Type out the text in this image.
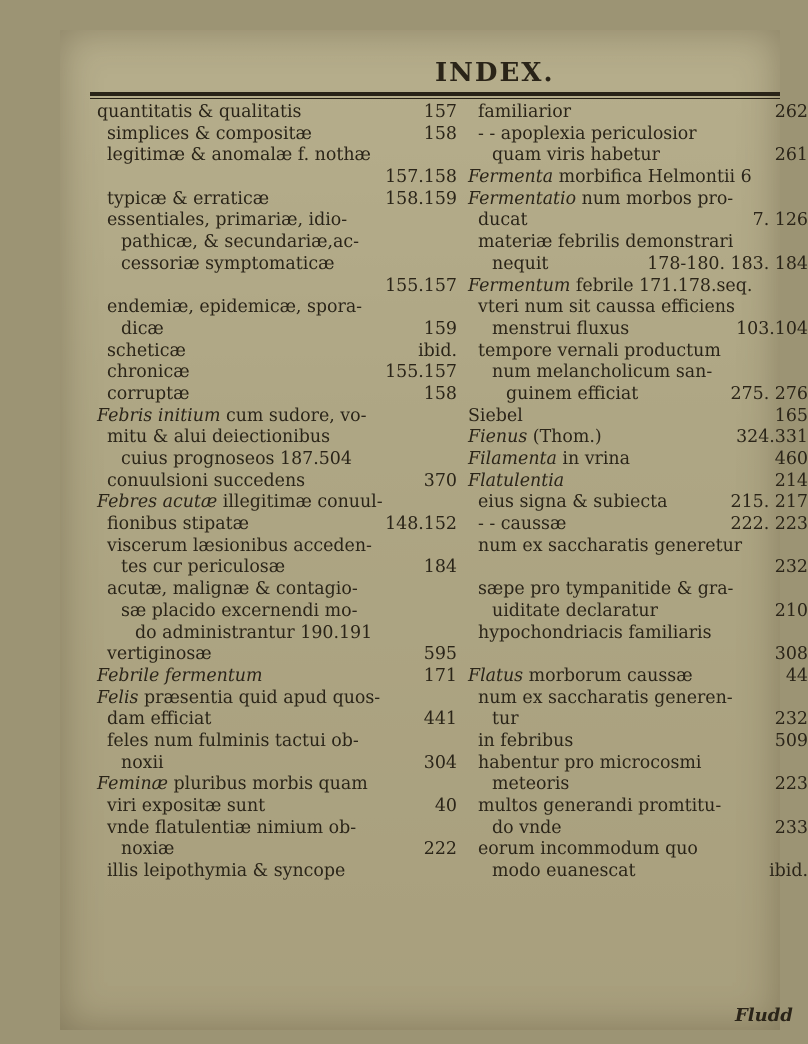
INDEX.
quantitatis & qualitatis	157
simplices & compositæ	158
legitimæ & anomalæ f. nothæ
157.158
typicæ & erraticæ	158.159
essentiales, primariæ, idio-
pathicæ, & secundariæ,ac-
cessoriæ symptomaticæ
155.157
endemiæ, epidemicæ, spora-
dicæ	159
scheticæ	ibid.
chronicæ	155.157
corruptæ	158
Febris initium cum sudore, vo-
mitu & alui deiectionibus
cuius prognoseos 187.504
conuulsioni succedens	370
Febres acutæ illegitimæ conuul-
fionibus stipatæ	148.152
viscerum læsionibus acceden-
tes cur periculosæ	184
acutæ, malignæ & contagio-
sæ placido excernendi mo-
do administrantur 190.191
vertiginosæ	595
Febrile fermentum	171
Felis præsentia quid apud quos-
dam efficiat	441
feles num fulminis tactui ob-
noxii	304
Feminæ pluribus morbis quam
viri expositæ sunt	40
vnde flatulentiæ nimium ob-
noxiæ	222
illis leipothymia & syncope
familiarior	262
- - apoplexia periculosior
quam viris habetur	261
Fermenta morbifica Helmontii 6
Fermentatio num morbos pro-
ducat	7. 126
materiæ febrilis demonstrari
nequit	178-180. 183. 184
Fermentum febrile 171.178.seq.
vteri num sit caussa efficiens
menstrui fluxus	103.104
tempore vernali productum
num melancholicum san-
guinem efficiat	275. 276
Siebel	165
Fienus (Thom.)	324.331
Filamenta in vrina	460
Flatulentia	214
eius signa & subiecta	215. 217
- - caussæ	222. 223
num ex saccharatis generetur
232
sæpe pro tympanitide & gra-
uiditate declaratur	210
hypochondriacis familiaris
308
Flatus morborum caussæ	44
num ex saccharatis generen-
tur	232
in febribus	509
habentur pro microcosmi
meteoris	223
multos generandi promtitu-
do vnde	233
eorum incommodum quo
modo euanescat	ibid.
Fludd
